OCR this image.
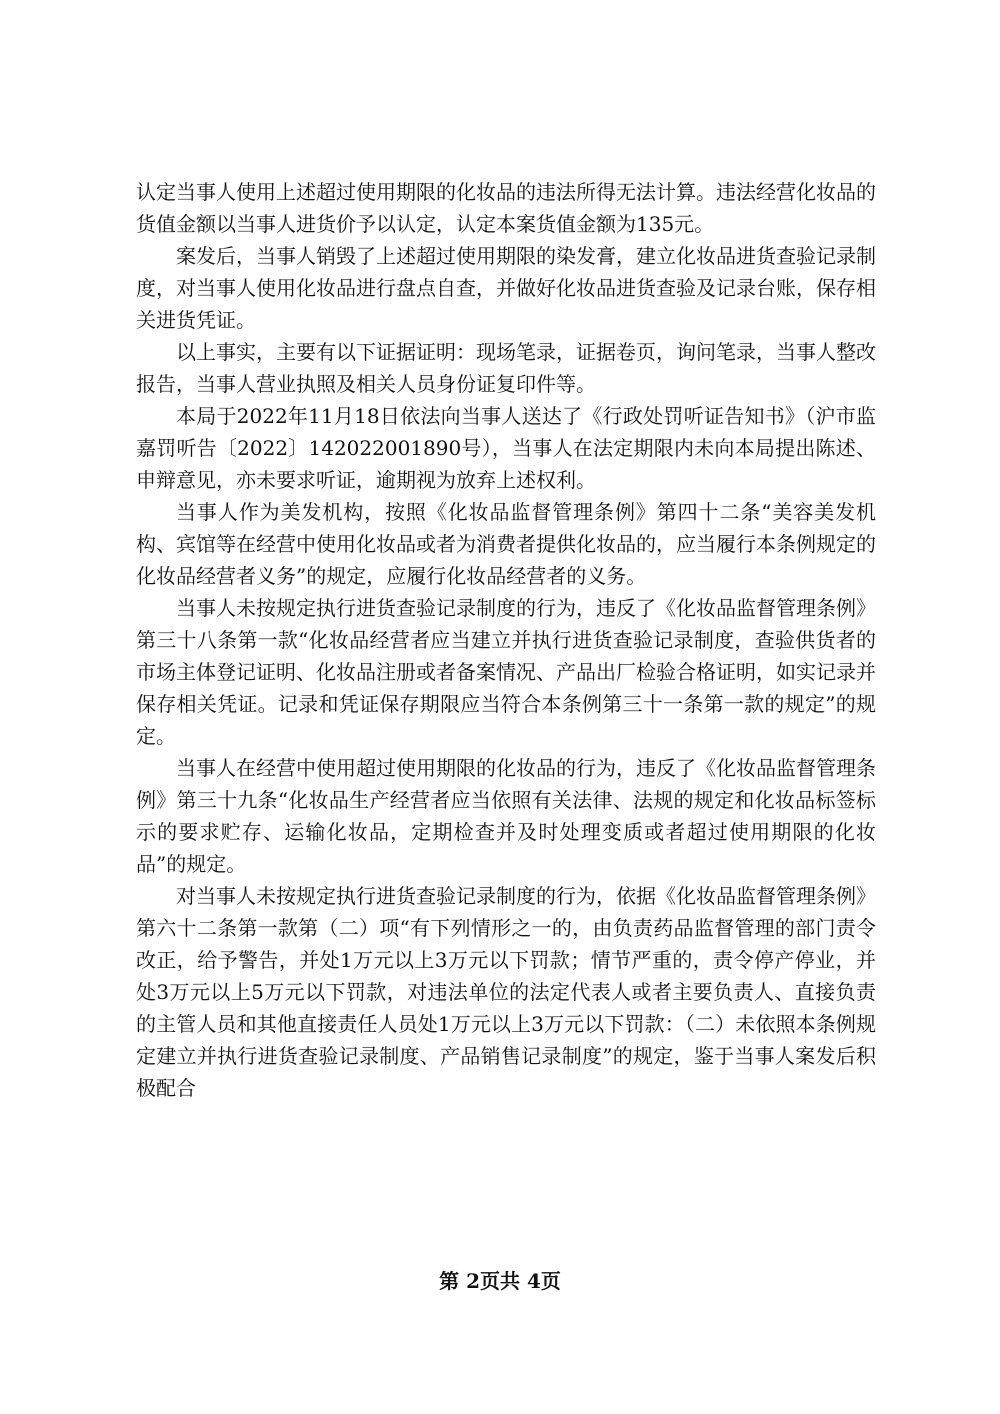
认定当事人使用上述超过使用期限的化妆品的违法所得无法计算。违法经营化妆品的货值金额以当事人进货价予以认定，认定本案货值金额为135元。

案发后，当事人销毁了上述超过使用期限的染发膏，建立化妆品进货查验记录制度，对当事人使用化妆品进行盘点自查，并做好化妆品进货查验及记录台账，保存相关进货凭证。

以上事实，主要有以下证据证明：现场笔录，证据卷页，询问笔录，当事人整改报告，当事人营业执照及相关人员身份证复印件等。

本局于2022年11月18日依法向当事人送达了《行政处罚听证告知书》（沪市监嘉罚听告〔2022〕142022001890号），当事人在法定期限内未向本局提出陈述、申辩意见，亦未要求听证，逾期视为放弃上述权利。

当事人作为美发机构，按照《化妆品监督管理条例》第四十二条“美容美发机构、宾馆等在经营中使用化妆品或者为消费者提供化妆品的，应当履行本条例规定的化妆品经营者义务”的规定，应履行化妆品经营者的义务。

当事人未按规定执行进货查验记录制度的行为，违反了《化妆品监督管理条例》第三十八条第一款“化妆品经营者应当建立并执行进货查验记录制度，查验供货者的市场主体登记证明、化妆品注册或者备案情况、产品出厂检验合格证明，如实记录并保存相关凭证。记录和凭证保存期限应当符合本条例第三十一条第一款的规定”的规定。

当事人在经营中使用超过使用期限的化妆品的行为，违反了《化妆品监督管理条例》第三十九条“化妆品生产经营者应当依照有关法律、法规的规定和化妆品标签标示的要求贮存、运输化妆品，定期检查并及时处理变质或者超过使用期限的化妆品”的规定。

对当事人未按规定执行进货查验记录制度的行为，依据《化妆品监督管理条例》第六十二条第一款第（二）项“有下列情形之一的，由负责药品监督管理的部门责令改正，给予警告，并处1万元以上3万元以下罚款；情节严重的，责令停产停业，并处3万元以上5万元以下罚款，对违法单位的法定代表人或者主要负责人、直接负责的主管人员和其他直接责任人员处1万元以上3万元以下罚款：（二）未依照本条例规定建立并执行进货查验记录制度、产品销售记录制度”的规定，鉴于当事人案发后积极配合

第 2页共 4页
